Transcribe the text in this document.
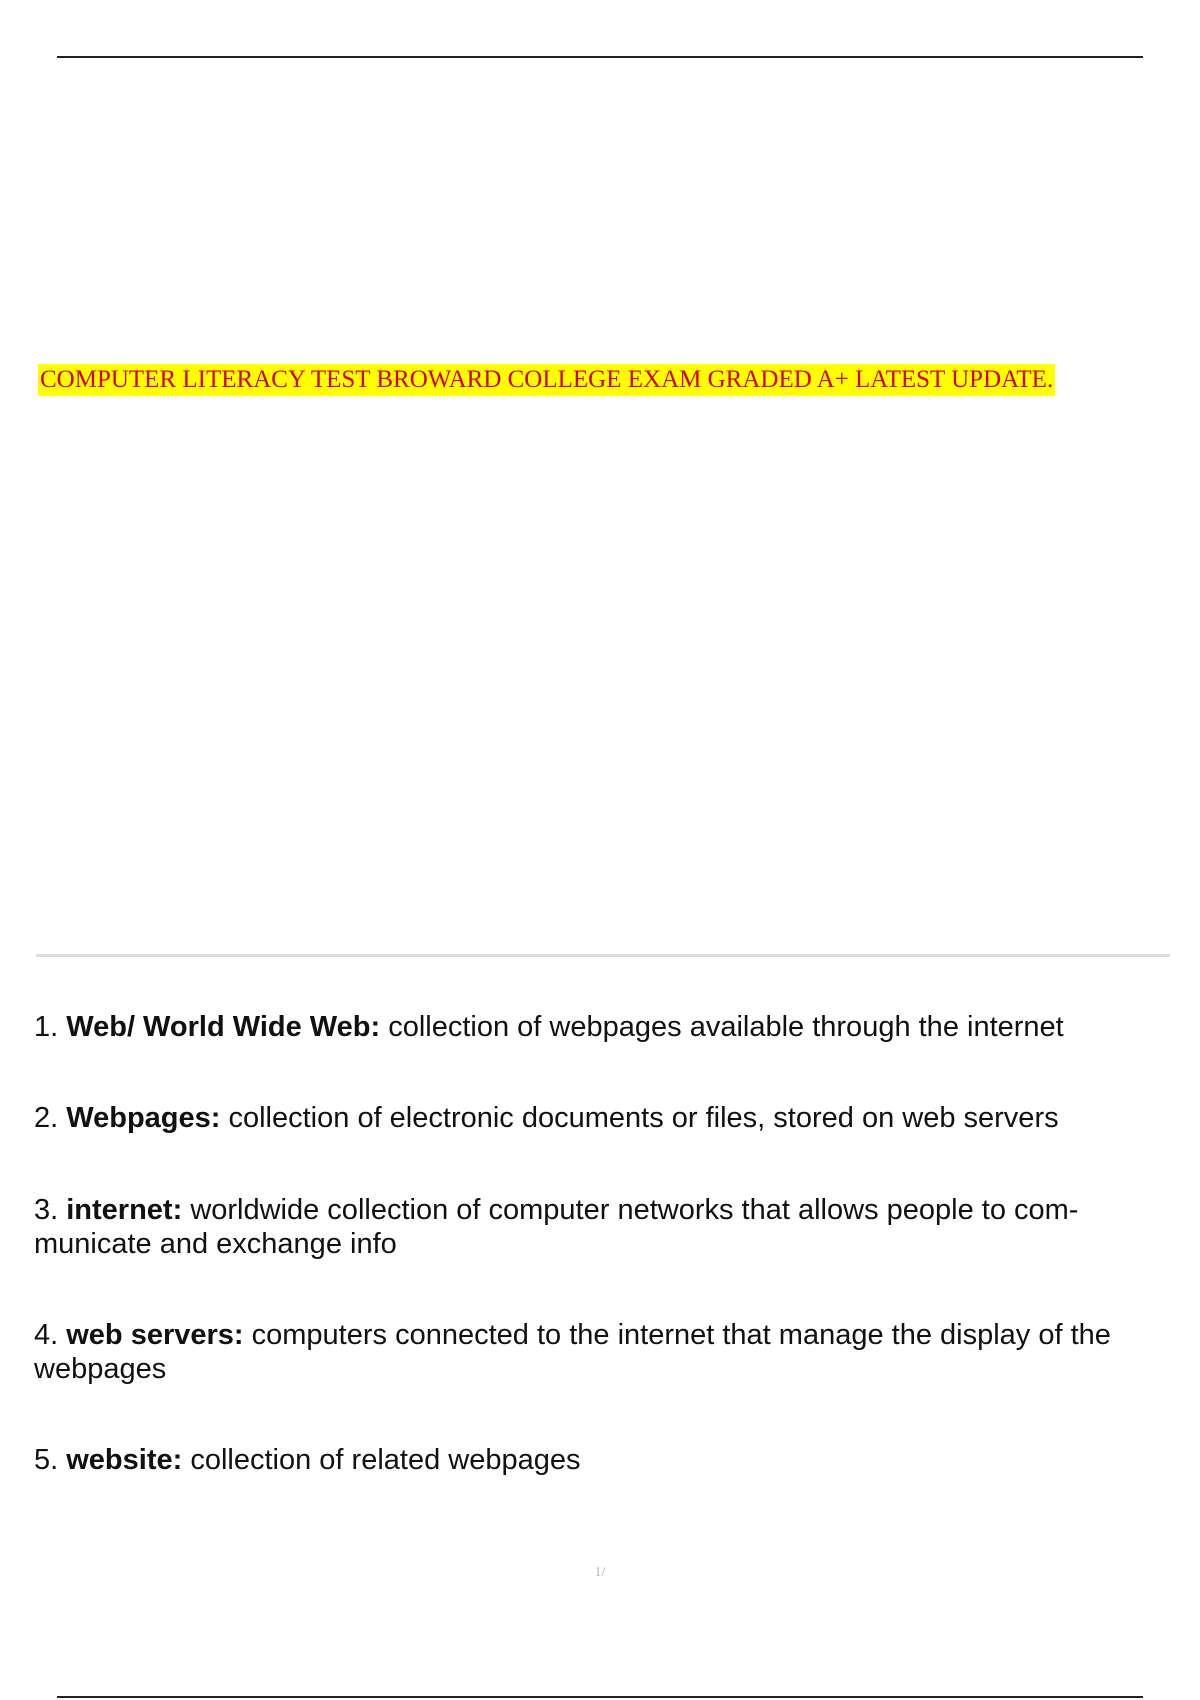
COMPUTER LITERACY TEST BROWARD COLLEGE EXAM GRADED A+ LATEST UPDATE.
1. Web/ World Wide Web: collection of webpages available through the internet
2. Webpages: collection of electronic documents or files, stored on web servers
3. internet: worldwide collection of computer networks that allows people to com- municate and exchange info
4. web servers: computers connected to the internet that manage the display of the webpages
5. website: collection of related webpages
1/
